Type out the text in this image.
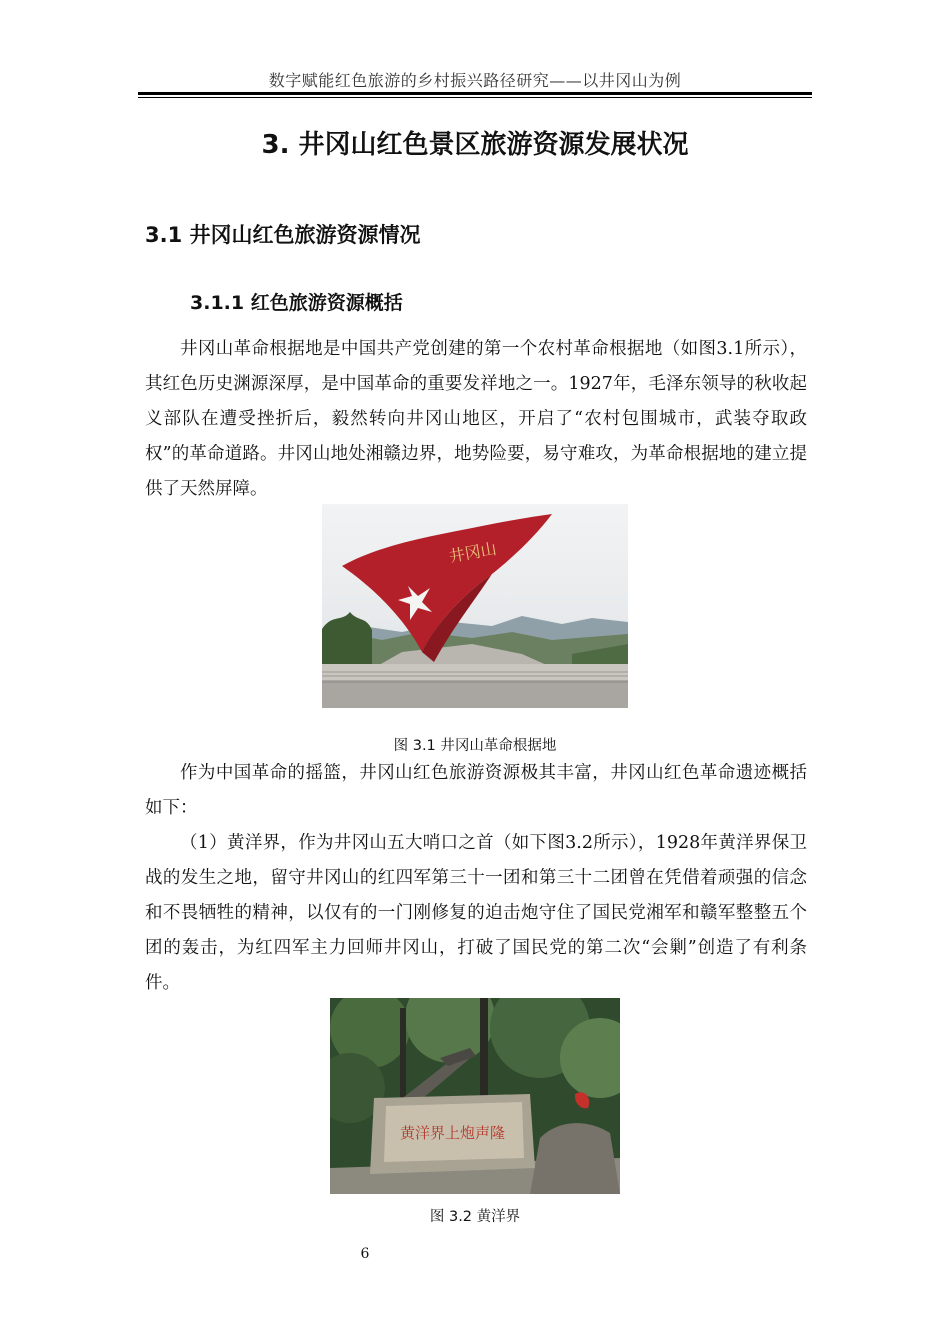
数字赋能红色旅游的乡村振兴路径研究——以井冈山为例
3. 井冈山红色景区旅游资源发展状况
3.1 井冈山红色旅游资源情况
3.1.1 红色旅游资源概括

井冈山革命根据地是中国共产党创建的第一个农村革命根据地（如图3.1所示），其红色历史渊源深厚，是中国革命的重要发祥地之一。1927年，毛泽东领导的秋收起义部队在遭受挫折后，毅然转向井冈山地区，开启了“农村包围城市，武装夺取政权”的革命道路。井冈山地处湘赣边界，地势险要，易守难攻，为革命根据地的建立提供了天然屏障。

井冈山
图 3.1 井冈山革命根据地

作为中国革命的摇篮，井冈山红色旅游资源极其丰富，井冈山红色革命遗迹概括如下：

（1）黄洋界，作为井冈山五大哨口之首（如下图3.2所示），1928年黄洋界保卫战的发生之地，留守井冈山的红四军第三十一团和第三十二团曾在凭借着顽强的信念和不畏牺牲的精神，以仅有的一门刚修复的迫击炮守住了国民党湘军和赣军整整五个团的轰击，为红四军主力回师井冈山，打破了国民党的第二次“会剿”创造了有利条件。

黄洋界上炮声隆
图 3.2 黄洋界
6
